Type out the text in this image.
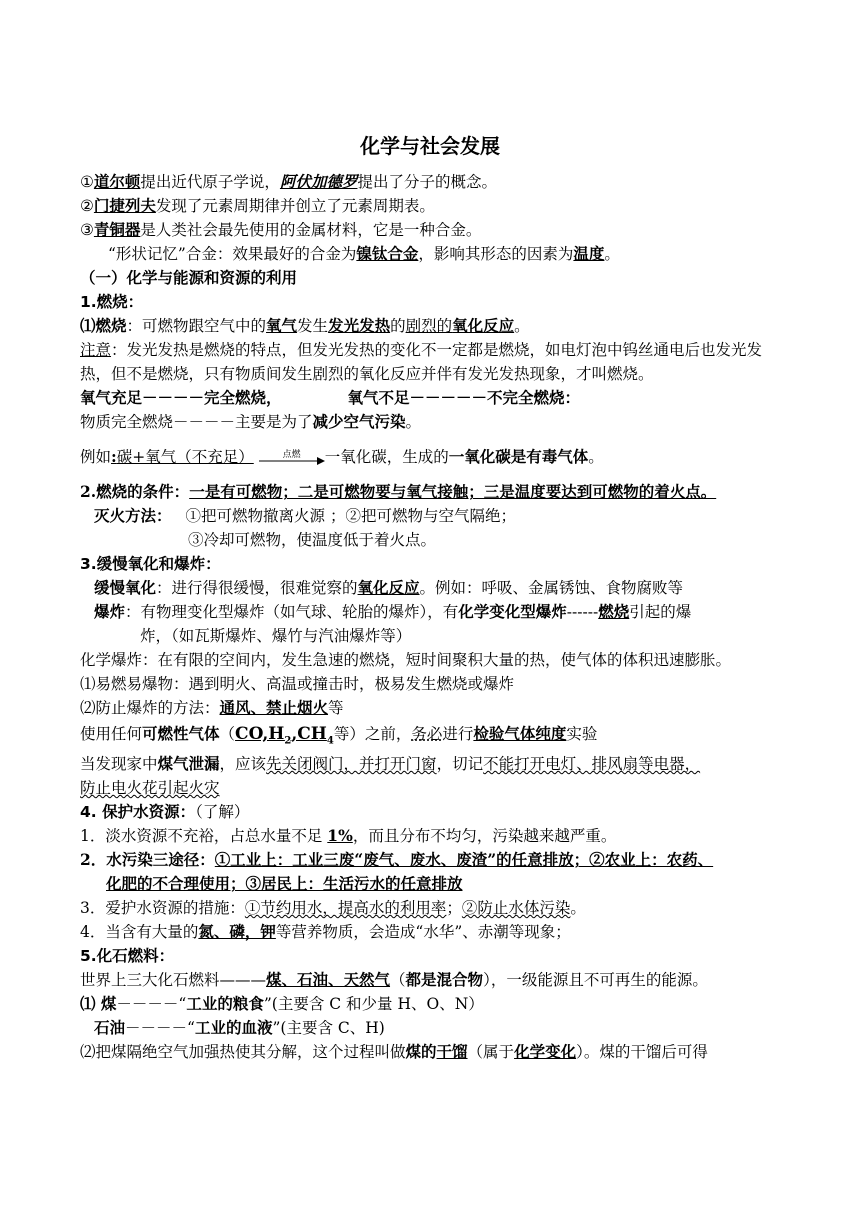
化学与社会发展
①道尔顿提出近代原子学说，阿伏加德罗提出了分子的概念。
②门捷列夫发现了元素周期律并创立了元素周期表。
③青铜器是人类社会最先使用的金属材料，它是一种合金。
“形状记忆”合金：效果最好的合金为镍钛合金，影响其形态的因素为温度。
（一）化学与能源和资源的利用
1.燃烧：
⑴燃烧：可燃物跟空气中的氧气发生发光发热的剧烈的氧化反应。
注意：发光发热是燃烧的特点，但发光发热的变化不一定都是燃烧，如电灯泡中钨丝通电后也发光发热，但不是燃烧，只有物质间发生剧烈的氧化反应并伴有发光发热现象，才叫燃烧。
氧气充足－－－－完全燃烧，	氧气不足－－－－－不完全燃烧：
物质完全燃烧－－－－主要是为了减少空气污染。
例如:碳+氧气（不充足）	点燃	一氧化碳，生成的一氧化碳是有毒气体。
2.燃烧的条件：一是有可燃物；二是可燃物要与氧气接触；三是温度要达到可燃物的着火点。
灭火方法： ①把可燃物撤离火源 ；②把可燃物与空气隔绝；
③冷却可燃物，使温度低于着火点。
3.缓慢氧化和爆炸：
缓慢氧化：进行得很缓慢，很难觉察的氧化反应。例如：呼吸、金属锈蚀、食物腐败等
爆炸：有物理变化型爆炸（如气球、轮胎的爆炸），有化学变化型爆炸------燃烧引起的爆
炸，（如瓦斯爆炸、爆竹与汽油爆炸等）
化学爆炸：在有限的空间内，发生急速的燃烧，短时间聚积大量的热，使气体的体积迅速膨胀。
⑴易燃易爆物：遇到明火、高温或撞击时，极易发生燃烧或爆炸
⑵防止爆炸的方法：通风、禁止烟火等
使用任何可燃性气体（$CO,H_2,CH_4$等）之前，务必进行检验气体纯度实验
当发现家中煤气泄漏，应该先关闭阀门，并打开门窗，切记不能打开电灯、排风扇等电器，
防止电火花引起火灾
4. 保护水资源：（了解）
1．淡水资源不充裕，占总水量不足 1%，而且分布不均匀，污染越来越严重。
2．水污染三途径：①工业上：工业三废“废气、废水、废渣”的任意排放；②农业上：农药、
化肥的不合理使用；③居民上：生活污水的任意排放
3．爱护水资源的措施：①节约用水，提高水的利用率；②防止水体污染。
4．当含有大量的氮、磷，钾等营养物质，会造成“水华”、赤潮等现象；
5.化石燃料：
世界上三大化石燃料———煤、石油、天然气（都是混合物），一级能源且不可再生的能源。
⑴ 煤－－－－“工业的粮食”(主要含 C 和少量 H、O、N）
石油－－－－“工业的血液”(主要含 C、H)
⑵把煤隔绝空气加强热使其分解，这个过程叫做煤的干馏（属于化学变化）。煤的干馏后可得
